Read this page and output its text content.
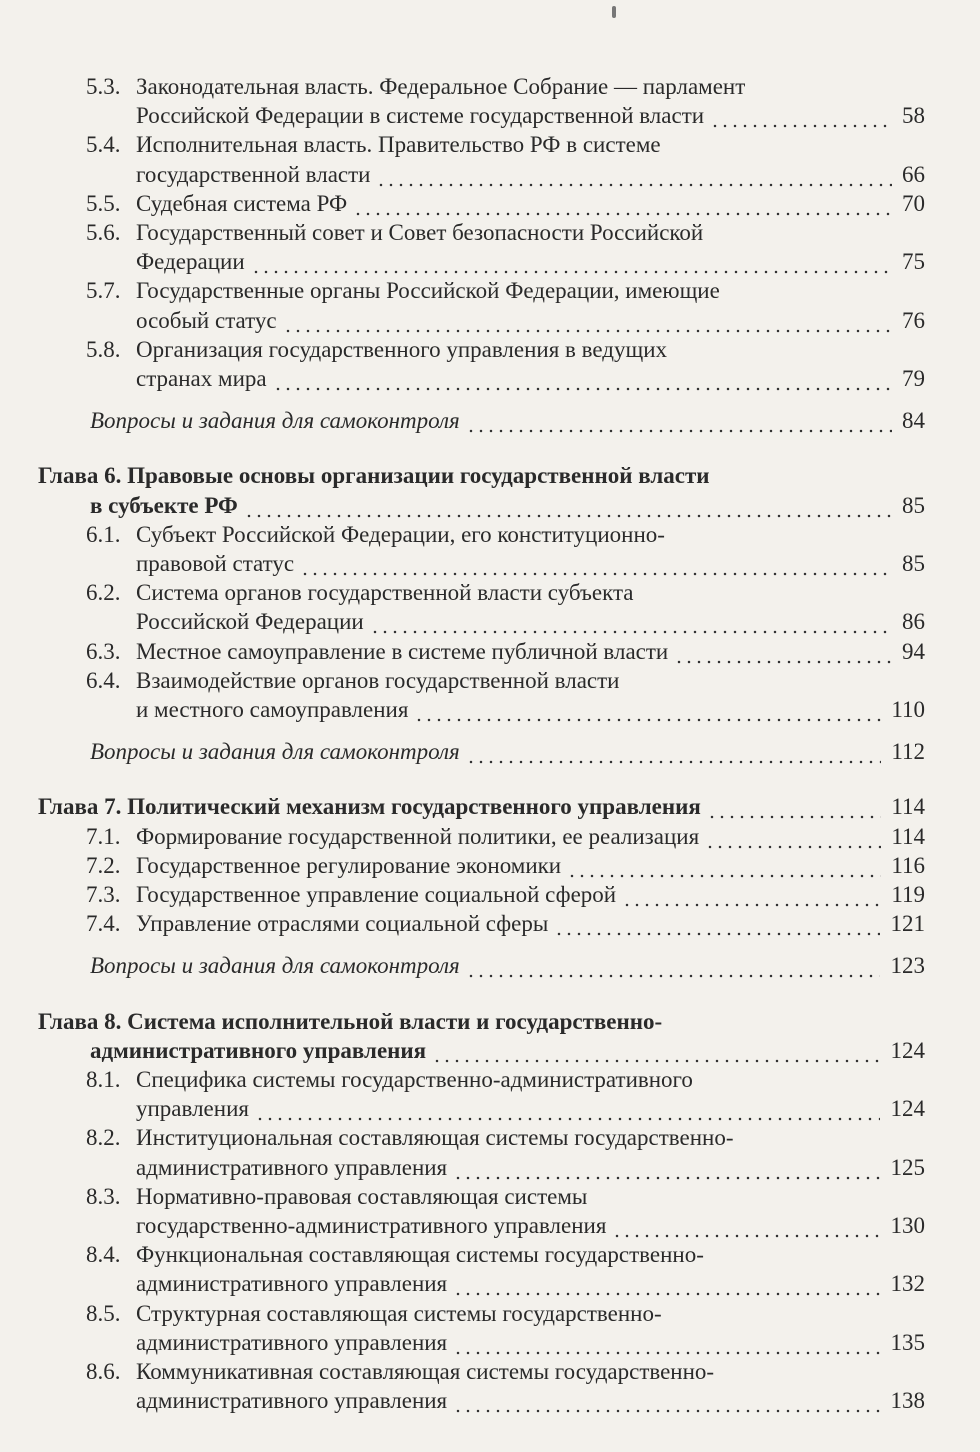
5.3. Законодательная власть. Федеральное Собрание — парламент
Российской Федерации в системе государственной власти	58
5.4. Исполнительная власть. Правительство РФ в системе
государственной власти	66
5.5. Судебная система РФ	70
5.6. Государственный совет и Совет безопасности Российской
Федерации	75
5.7. Государственные органы Российской Федерации, имеющие
особый статус	76
5.8. Организация государственного управления в ведущих
странах мира	79
Вопросы и задания для самоконтроля	84
Глава 6. Правовые основы организации государственной власти
в субъекте РФ	85
6.1. Субъект Российской Федерации, его конституционно-
правовой статус	85
6.2. Система органов государственной власти субъекта
Российской Федерации	86
6.3. Местное самоуправление в системе публичной власти	94
6.4. Взаимодействие органов государственной власти
и местного самоуправления	110
Вопросы и задания для самоконтроля	112
Глава 7. Политический механизм государственного управления	114
7.1. Формирование государственной политики, ее реализация	114
7.2. Государственное регулирование экономики	116
7.3. Государственное управление социальной сферой	119
7.4. Управление отраслями социальной сферы	121
Вопросы и задания для самоконтроля	123
Глава 8. Система исполнительной власти и государственно-
административного управления	124
8.1. Специфика системы государственно-административного
управления	124
8.2. Институциональная составляющая системы государственно-
административного управления	125
8.3. Нормативно-правовая составляющая системы
государственно-административного управления	130
8.4. Функциональная составляющая системы государственно-
административного управления	132
8.5. Структурная составляющая системы государственно-
административного управления	135
8.6. Коммуникативная составляющая системы государственно-
административного управления	138
